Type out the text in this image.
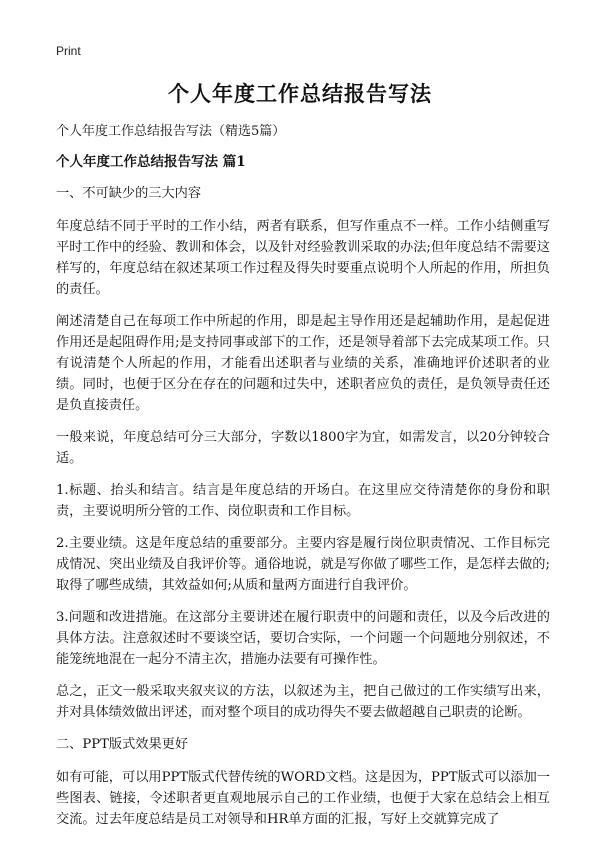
Print
个人年度工作总结报告写法
个人年度工作总结报告写法（精选5篇）
个人年度工作总结报告写法 篇1

一、不可缺少的三大内容

年度总结不同于平时的工作小结，两者有联系，但写作重点不一样。工作小结侧重写平时工作中的经验、教训和体会，以及针对经验教训采取的办法;但年度总结不需要这样写的，年度总结在叙述某项工作过程及得失时要重点说明个人所起的作用，所担负的责任。

阐述清楚自己在每项工作中所起的作用，即是起主导作用还是起辅助作用，是起促进作用还是起阻碍作用;是支持同事或部下的工作，还是领导着部下去完成某项工作。只有说清楚个人所起的作用，才能看出述职者与业绩的关系，准确地评价述职者的业绩。同时，也便于区分在存在的问题和过失中，述职者应负的责任，是负领导责任还是负直接责任。

一般来说，年度总结可分三大部分，字数以1800字为宜，如需发言，以20分钟较合适。

1.标题、抬头和结言。结言是年度总结的开场白。在这里应交待清楚你的身份和职责，主要说明所分管的工作、岗位职责和工作目标。

2.主要业绩。这是年度总结的重要部分。主要内容是履行岗位职责情况、工作目标完成情况、突出业绩及自我评价等。通俗地说，就是写你做了哪些工作，是怎样去做的;取得了哪些成绩，其效益如何;从质和量两方面进行自我评价。

3.问题和改进措施。在这部分主要讲述在履行职责中的问题和责任，以及今后改进的具体方法。注意叙述时不要谈空话，要切合实际，一个问题一个问题地分别叙述，不能笼统地混在一起分不清主次，措施办法要有可操作性。

总之，正文一般采取夹叙夹议的方法，以叙述为主，把自己做过的工作实绩写出来，并对具体绩效做出评述，而对整个项目的成功得失不要去做超越自己职责的论断。

二、PPT版式效果更好

如有可能，可以用PPT版式代替传统的WORD文档。这是因为，PPT版式可以添加一些图表、链接，令述职者更直观地展示自己的工作业绩，也便于大家在总结会上相互交流。过去年度总结是员工对领导和HR单方面的汇报，写好上交就算完成了
